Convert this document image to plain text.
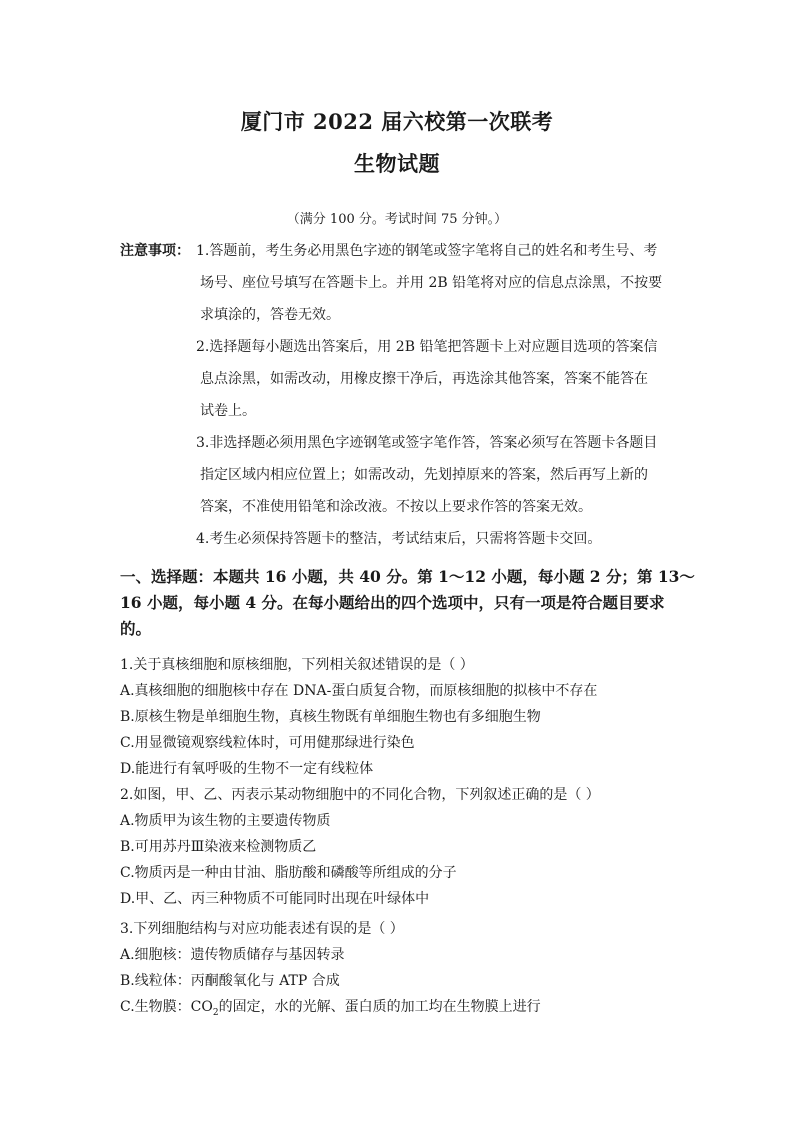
厦门市 2022 届六校第一次联考
生物试题
（满分 100 分。考试时间 75 分钟。）
注意事项： 1.答题前，考生务必用黑色字迹的钢笔或签字笔将自己的姓名和考生号、考
场号、座位号填写在答题卡上。并用 2B 铅笔将对应的信息点涂黑，不按要
求填涂的，答卷无效。
2.选择题每小题选出答案后，用 2B 铅笔把答题卡上对应题目选项的答案信
息点涂黑，如需改动，用橡皮擦干净后，再选涂其他答案，答案不能答在
试卷上。
3.非选择题必须用黑色字迹钢笔或签字笔作答，答案必须写在答题卡各题目
指定区域内相应位置上；如需改动，先划掉原来的答案，然后再写上新的
答案，不准使用铅笔和涂改液。不按以上要求作答的答案无效。
4.考生必须保持答题卡的整洁，考试结束后，只需将答题卡交回。
一、选择题：本题共 16 小题，共 40 分。第 1～12 小题，每小题 2 分；第 13～
16 小题，每小题 4 分。在每小题给出的四个选项中，只有一项是符合题目要求
的。
1.关于真核细胞和原核细胞，下列相关叙述错误的是（ ）
A.真核细胞的细胞核中存在 DNA-蛋白质复合物，而原核细胞的拟核中不存在
B.原核生物是单细胞生物，真核生物既有单细胞生物也有多细胞生物
C.用显微镜观察线粒体时，可用健那绿进行染色
D.能进行有氧呼吸的生物不一定有线粒体
2.如图，甲、乙、丙表示某动物细胞中的不同化合物，下列叙述正确的是（ ）
A.物质甲为该生物的主要遗传物质
B.可用苏丹Ⅲ染液来检测物质乙
C.物质丙是一种由甘油、脂肪酸和磷酸等所组成的分子
D.甲、乙、丙三种物质不可能同时出现在叶绿体中
3.下列细胞结构与对应功能表述有误的是（ ）
A.细胞核：遗传物质储存与基因转录
B.线粒体：丙酮酸氧化与 ATP 合成
C.生物膜：$CO_2$的固定，水的光解、蛋白质的加工均在生物膜上进行
